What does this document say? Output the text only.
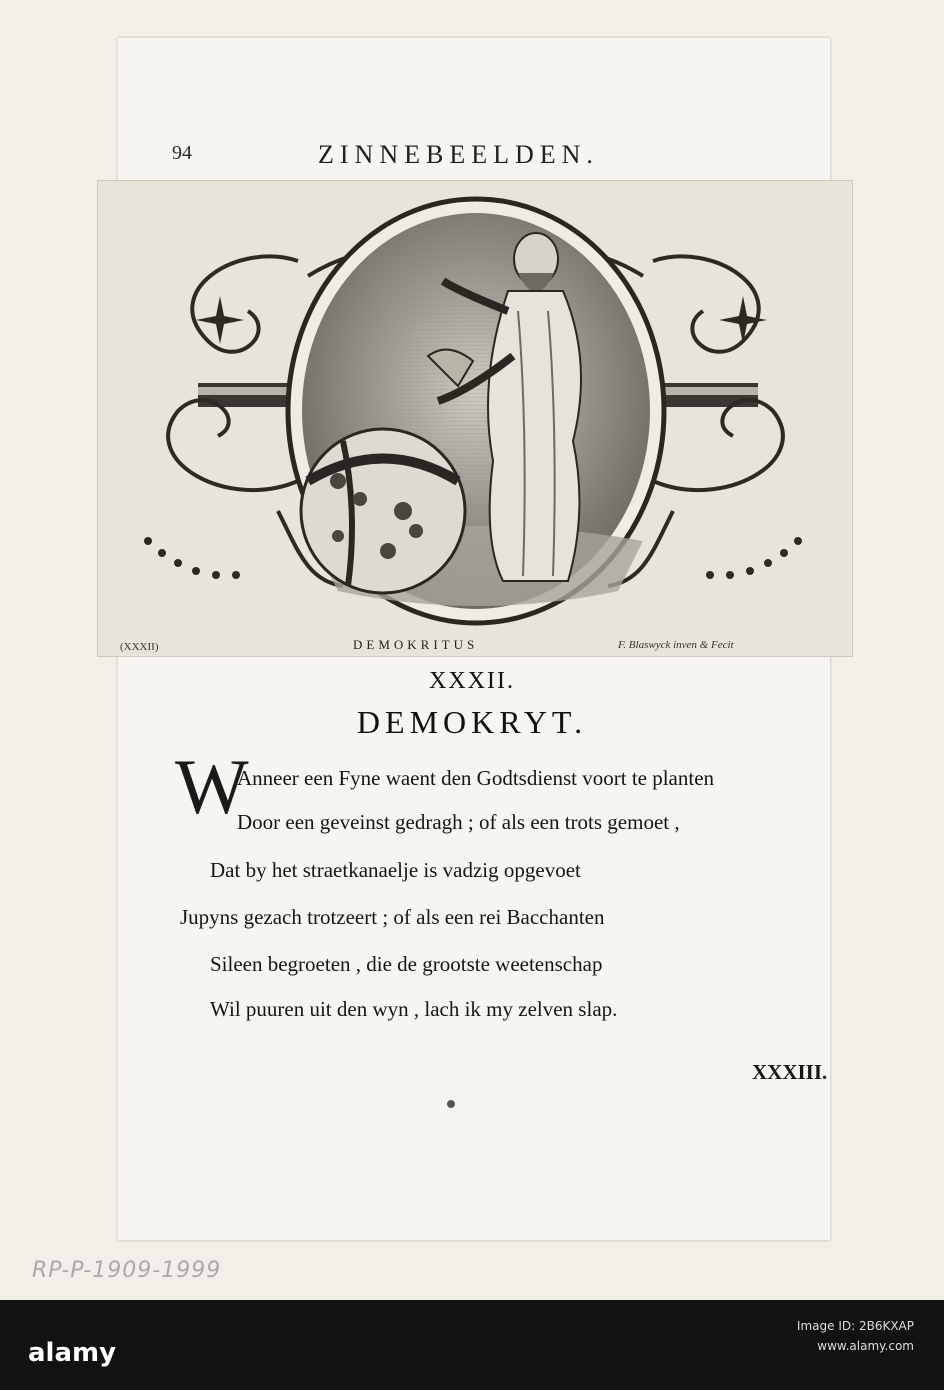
94	ZINNEBEELDEN.
(XXXII)	DEMOKRITUS	F. Blaswyck inven & Fecit
XXXII.
DEMOKRYT.
W
Anneer een Fyne waent den Godtsdienst voort te planten
Door een geveinst gedragh ; of als een trots gemoet ,
Dat by het straetkanaelje is vadzig opgevoet
Jupyns gezach trotzeert ; of als een rei Bacchanten
Sileen begroeten , die de grootste weetenschap
Wil puuren uit den wyn , lach ik my zelven slap.
XXXIII.
RP-P-1909-1999
alamy
Image ID: 2B6KXAP
www.alamy.com
